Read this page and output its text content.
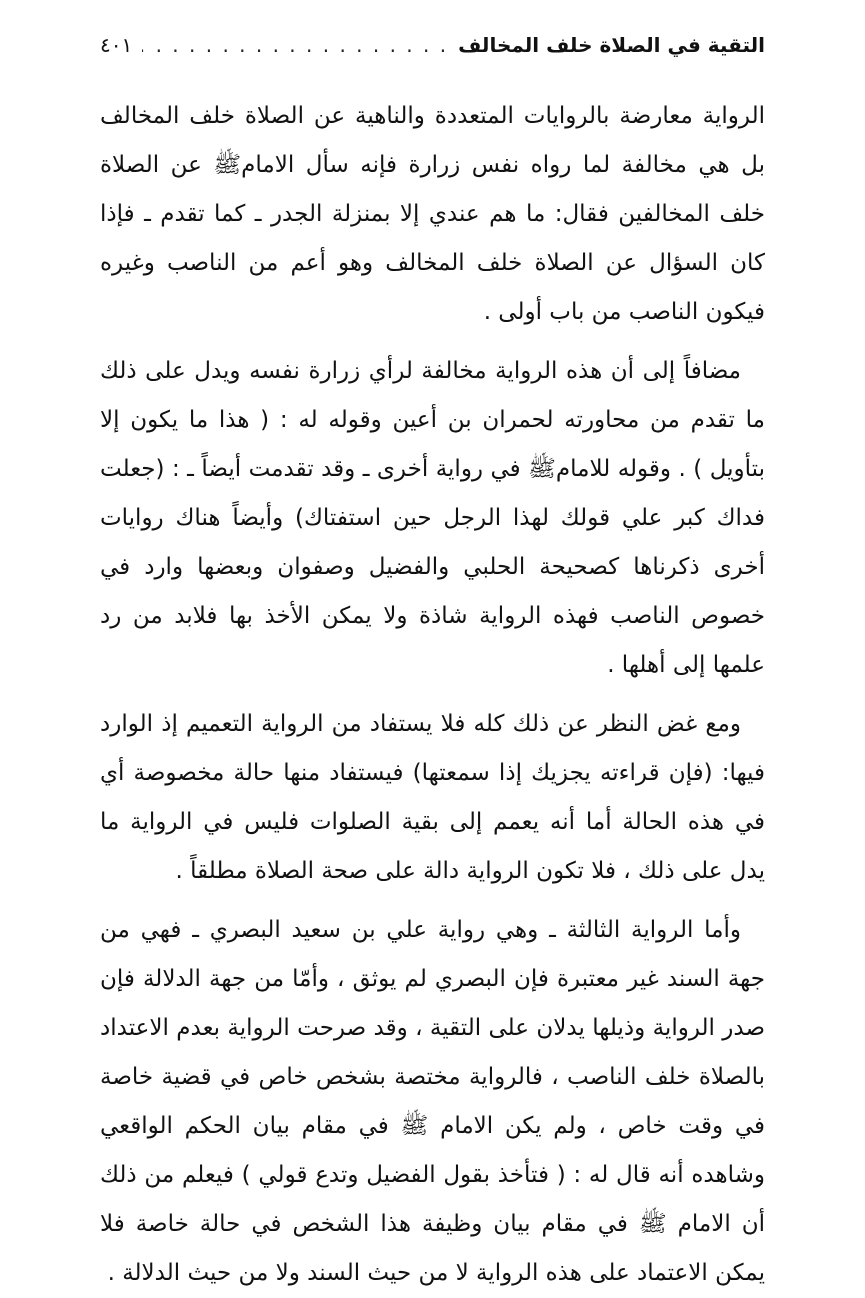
التقية في الصلاة خلف المخالف
. . .
٤٠١

الرواية معارضة بالروايات المتعددة والناهية عن الصلاة خلف المخالف بل هي مخالفة لما رواه نفس زرارة فإنه سأل الامامﷺ عن الصلاة خلف المخالفين فقال: ما هم عندي إلا بمنزلة الجدر ـ كما تقدم ـ فإذا كان السؤال عن الصلاة خلف المخالف وهو أعم من الناصب وغيره فيكون الناصب من باب أولى .

مضافاً إلى أن هذه الرواية مخالفة لرأي زرارة نفسه ويدل على ذلك ما تقدم من محاورته لحمران بن أعين وقوله له : ( هذا ما يكون إلا بتأويل ) . وقوله للامامﷺ في رواية أخرى ـ وقد تقدمت أيضاً ـ : (جعلت فداك كبر علي قولك لهذا الرجل حين استفتاك) وأيضاً هناك روايات أخرى ذكرناها كصحيحة الحلبي والفضيل وصفوان وبعضها وارد في خصوص الناصب فهذه الرواية شاذة ولا يمكن الأخذ بها فلابد من رد علمها إلى أهلها .

ومع غض النظر عن ذلك كله فلا يستفاد من الرواية التعميم إذ الوارد فيها: (فإن قراءته يجزيك إذا سمعتها) فيستفاد منها حالة مخصوصة أي في هذه الحالة أما أنه يعمم إلى بقية الصلوات فليس في الرواية ما يدل على ذلك ، فلا تكون الرواية دالة على صحة الصلاة مطلقاً .

وأما الرواية الثالثة ـ وهي رواية علي بن سعيد البصري ـ فهي من جهة السند غير معتبرة فإن البصري لم يوثق ، وأمّا من جهة الدلالة فإن صدر الرواية وذيلها يدلان على التقية ، وقد صرحت الرواية بعدم الاعتداد بالصلاة خلف الناصب ، فالرواية مختصة بشخص خاص في قضية خاصة في وقت خاص ، ولم يكن الامام ﷺ في مقام بيان الحكم الواقعي وشاهده أنه قال له : ( فتأخذ بقول الفضيل وتدع قولي ) فيعلم من ذلك أن الامام ﷺ في مقام بيان وظيفة هذا الشخص في حالة خاصة فلا يمكن الاعتماد على هذه الرواية لا من حيث السند ولا من حيث الدلالة .
